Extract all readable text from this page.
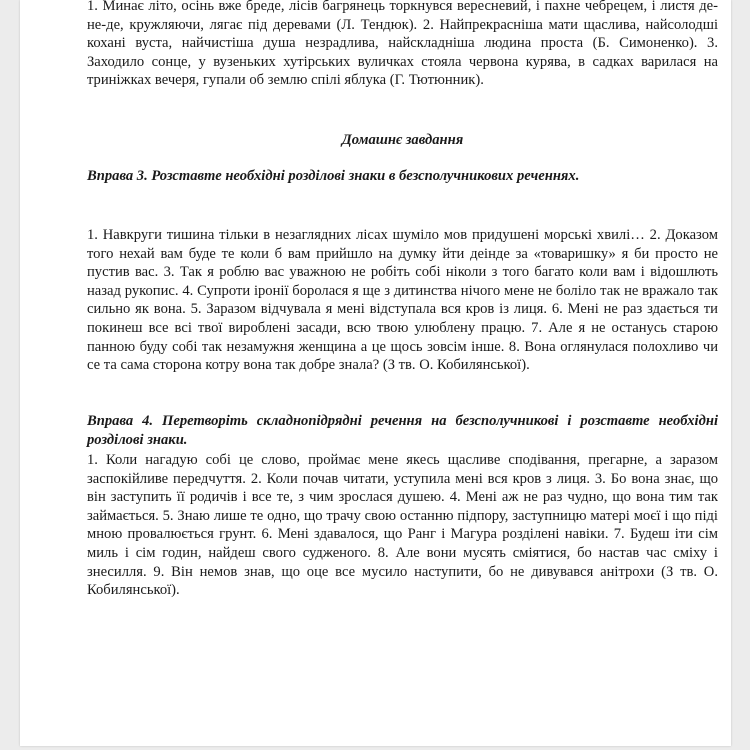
1. Минає літо, осінь вже бреде, лісів багрянець торкнувся вересневий, і пахне чебрецем, і листя де-не-де, кружляючи, лягає під деревами (Л. Тендюк). 2. Найпрекрасніша мати щаслива, найсолодші кохані вуста, найчистіша душа незрадлива, найскладніша людина проста (Б. Симоненко). 3. Заходило сонце, у вузеньких хутірських вуличках стояла червона курява, в садках варилася на триніжках вечеря, гупали об землю спілі яблука (Г. Тютюнник).

Домашнє завдання

Вправа 3. Розставте необхідні розділові знаки в безсполучникових реченнях.

1. Навкруги тишина тільки в незаглядних лісах шуміло мов придушені морські хвилі… 2. Доказом того нехай вам буде те коли б вам прийшло на думку йти деінде за «товаришку» я би просто не пустив вас. 3. Так я роблю вас уважною не робіть собі ніколи з того багато коли вам і відошлють назад рукопис. 4. Супроти іронії боролася я ще з дитинства нічого мене не боліло так не вражало так сильно як вона. 5. Заразом відчувала я мені відступала вся кров із лиця. 6. Мені не раз здається ти покинеш все всі твої вироблені засади, всю твою улюблену працю. 7. Але я не останусь старою панною буду собі так незамужня женщина а це щось зовсім інше. 8. Вона оглянулася полохливо чи се та сама сторона котру вона так добре знала? (З тв. О. Кобилянської).

Вправа 4. Перетворіть складнопідрядні речення на безсполучникові і розставте необхідні розділові знаки.

1. Коли нагадую собі це слово, проймає мене якесь щасливе сподівання, прегарне, а заразом заспокійливе передчуття. 2. Коли почав читати, уступила мені вся кров з лиця. 3. Бо вона знає, що він заступить її родичів і все те, з чим зрослася душею. 4. Мені аж не раз чудно, що вона тим так займається. 5. Знаю лише те одно, що трачу свою останню підпору, заступницю матері моєї і що піді мною провалюється грунт. 6. Мені здавалося, що Ранг і Магура розділені навіки. 7. Будеш іти сім миль і сім годин, найдеш свого судженого. 8. Але вони мусять сміятися, бо настав час сміху і знесилля. 9. Він немов знав, що оце все мусило наступити, бо не дивувався анітрохи (З тв. О. Кобилянської).
